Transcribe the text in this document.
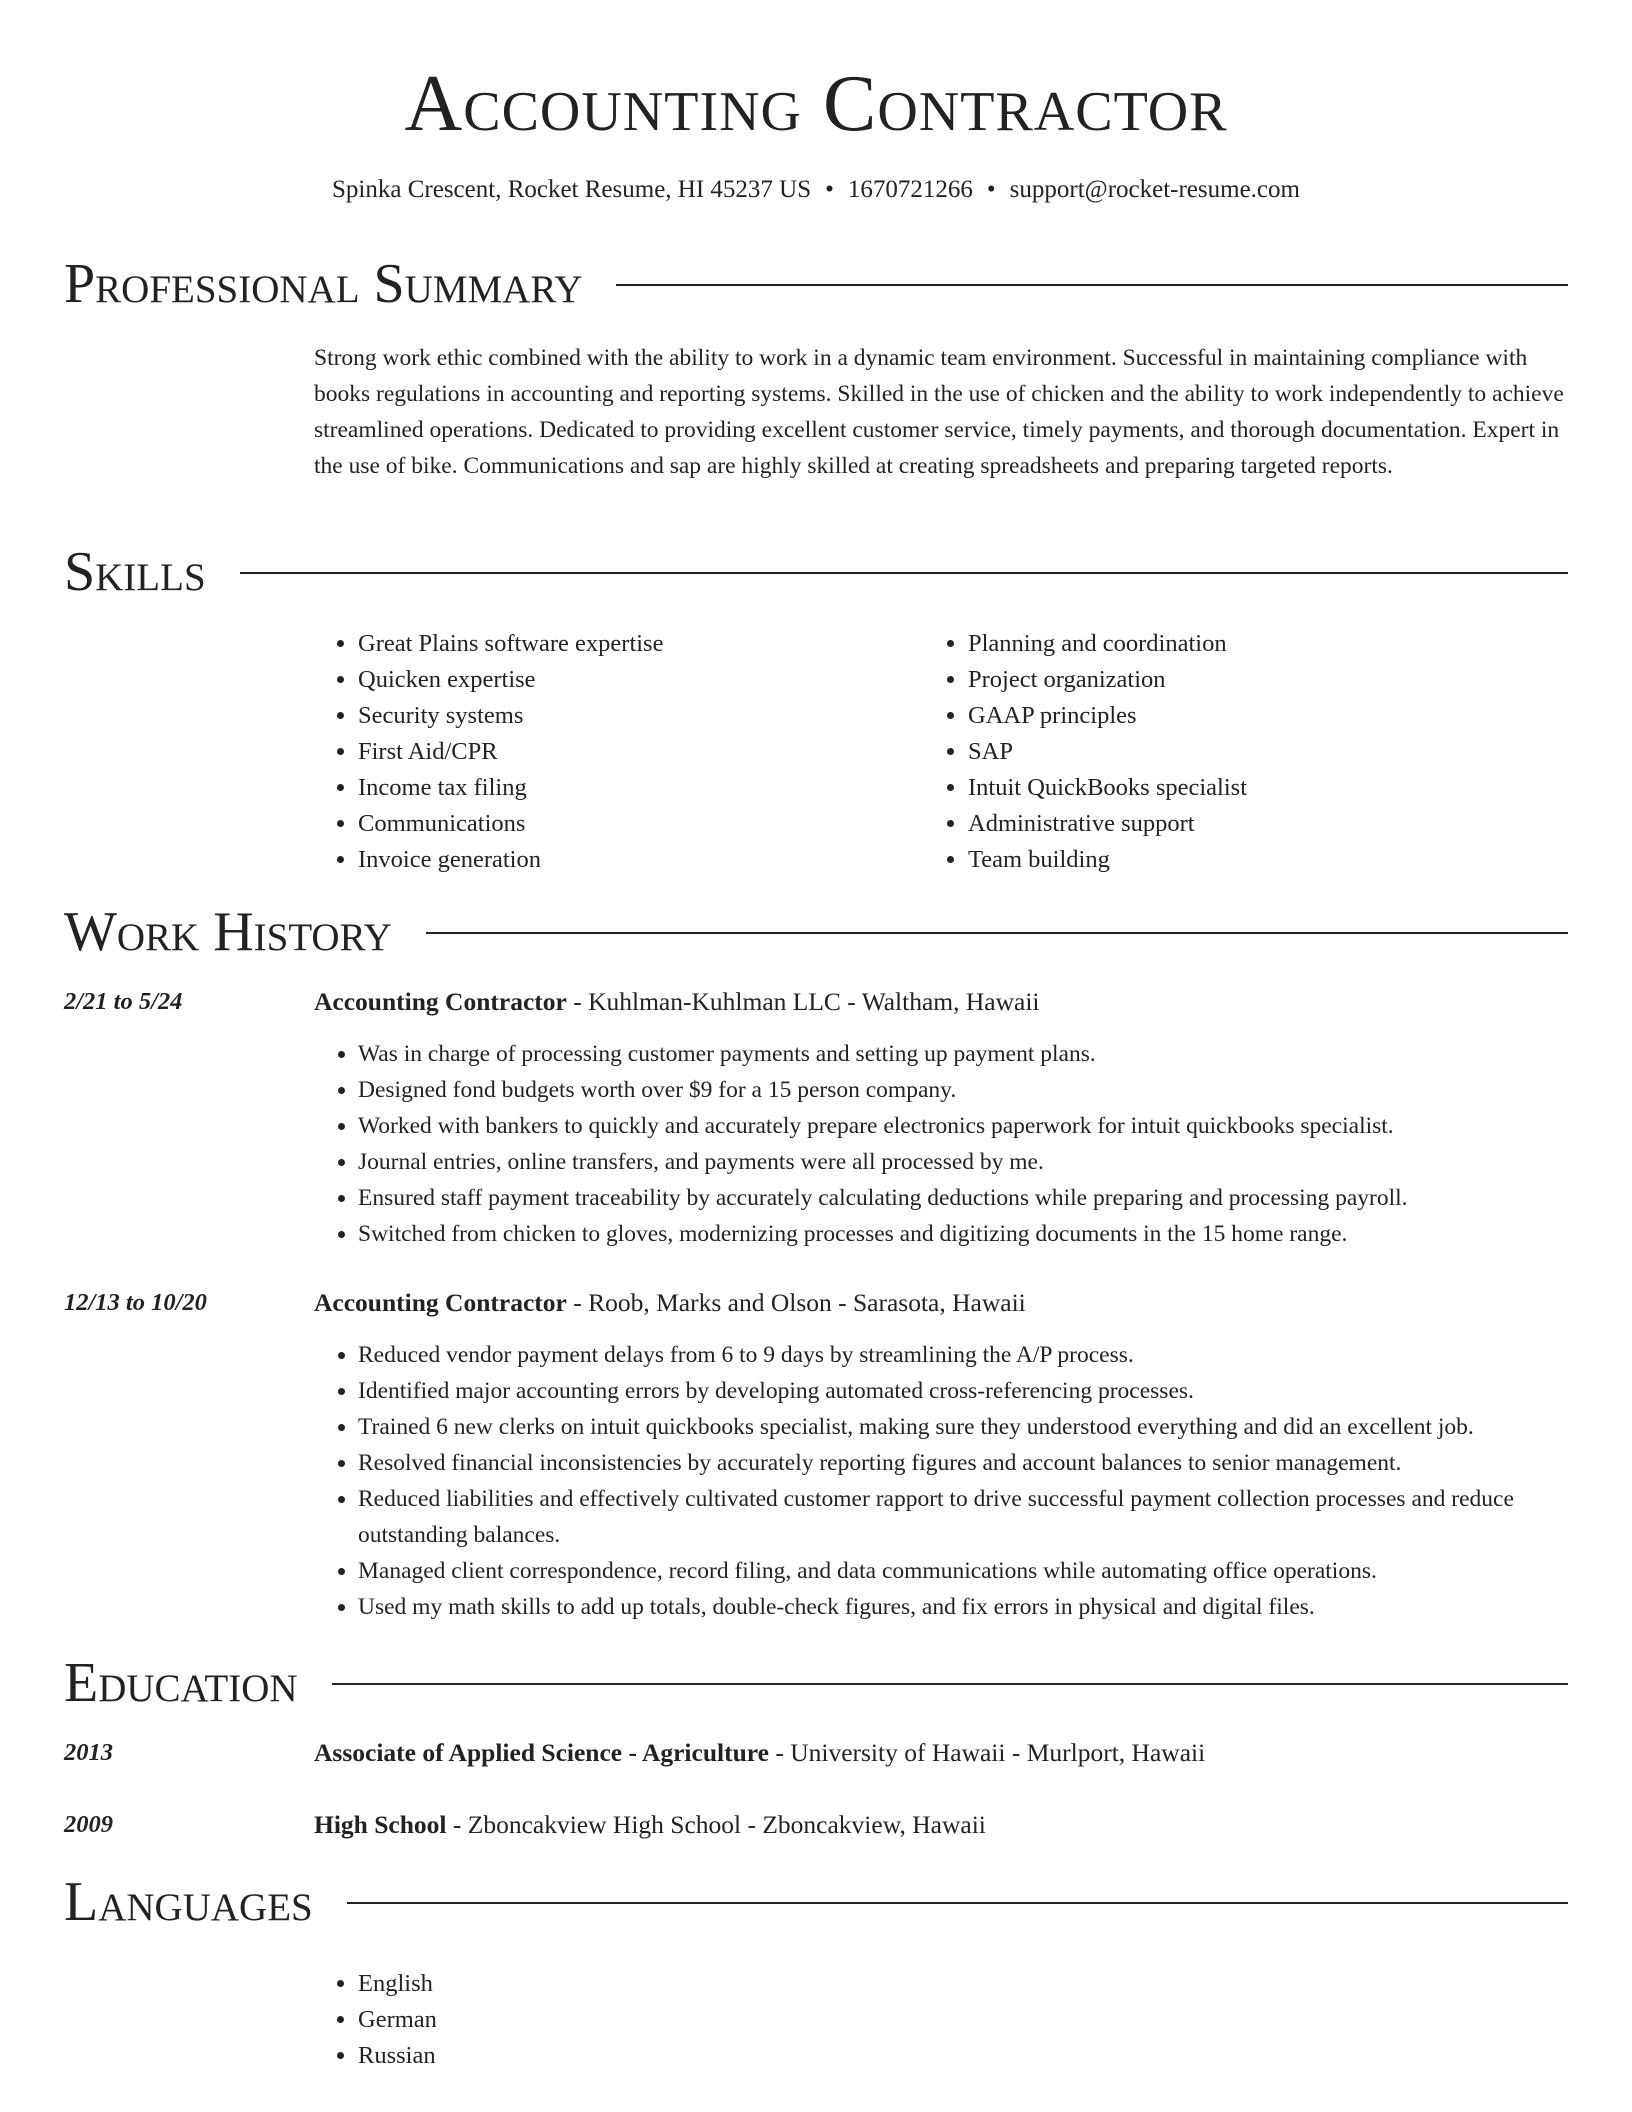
Accounting Contractor
Spinka Crescent, Rocket Resume, HI 45237 US • 1670721266 • support@rocket-resume.com
Professional Summary

Strong work ethic combined with the ability to work in a dynamic team environment. Successful in maintaining compliance with books regulations in accounting and reporting systems. Skilled in the use of chicken and the ability to work independently to achieve streamlined operations. Dedicated to providing excellent customer service, timely payments, and thorough documentation. Expert in the use of bike. Communications and sap are highly skilled at creating spreadsheets and preparing targeted reports.

Skills
• Great Plains software expertise
• Quicken expertise
• Security systems
• First Aid/CPR
• Income tax filing
• Communications
• Invoice generation
• Planning and coordination
• Project organization
• GAAP principles
• SAP
• Intuit QuickBooks specialist
• Administrative support
• Team building
Work History
2/21 to 5/24	Accounting Contractor - Kuhlman-Kuhlman LLC - Waltham, Hawaii
• Was in charge of processing customer payments and setting up payment plans.
• Designed fond budgets worth over $9 for a 15 person company.
• Worked with bankers to quickly and accurately prepare electronics paperwork for intuit quickbooks specialist.
• Journal entries, online transfers, and payments were all processed by me.
• Ensured staff payment traceability by accurately calculating deductions while preparing and processing payroll.
• Switched from chicken to gloves, modernizing processes and digitizing documents in the 15 home range.
12/13 to 10/20	Accounting Contractor - Roob, Marks and Olson - Sarasota, Hawaii
• Reduced vendor payment delays from 6 to 9 days by streamlining the A/P process.
• Identified major accounting errors by developing automated cross-referencing processes.
• Trained 6 new clerks on intuit quickbooks specialist, making sure they understood everything and did an excellent job.
• Resolved financial inconsistencies by accurately reporting figures and account balances to senior management.
• Reduced liabilities and effectively cultivated customer rapport to drive successful payment collection processes and reduce outstanding balances.
• Managed client correspondence, record filing, and data communications while automating office operations.
• Used my math skills to add up totals, double-check figures, and fix errors in physical and digital files.
Education
2013	Associate of Applied Science - Agriculture - University of Hawaii - Murlport, Hawaii
2009	High School - Zboncakview High School - Zboncakview, Hawaii
Languages
• English
• German
• Russian
